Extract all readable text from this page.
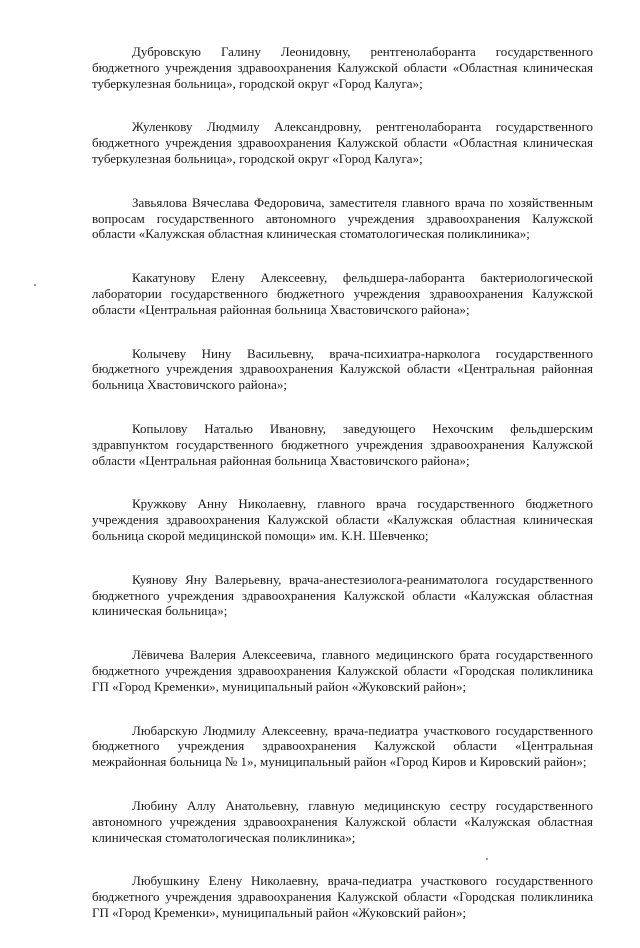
Дубровскую Галину Леонидовну, рентгенолаборанта государственного бюджетного учреждения здравоохранения Калужской области «Областная клиническая туберкулезная больница», городской округ «Город Калуга»;

Жуленкову Людмилу Александровну, рентгенолаборанта государственного бюджетного учреждения здравоохранения Калужской области «Областная клиническая туберкулезная больница», городской округ «Город Калуга»;

Завьялова Вячеслава Федоровича, заместителя главного врача по хозяйственным вопросам государственного автономного учреждения здравоохранения Калужской области «Калужская областная клиническая стоматологическая поликлиника»;

Какатунову Елену Алексеевну, фельдшера-лаборанта бактериологической лаборатории государственного бюджетного учреждения здравоохранения Калужской области «Центральная районная больница Хвастовичского района»;

Колычеву Нину Васильевну, врача-психиатра-нарколога государственного бюджетного учреждения здравоохранения Калужской области «Центральная районная больница Хвастовичского района»;

Копылову Наталью Ивановну, заведующего Нехочским фельдшерским здравпунктом государственного бюджетного учреждения здравоохранения Калужской области «Центральная районная больница Хвастовичского района»;

Кружкову Анну Николаевну, главного врача государственного бюджетного учреждения здравоохранения Калужской области «Калужская областная клиническая больница скорой медицинской помощи» им. К.Н. Шевченко;

Куянову Яну Валерьевну, врача-анестезиолога-реаниматолога государственного бюджетного учреждения здравоохранения Калужской области «Калужская областная клиническая больница»;

Лёвичева Валерия Алексеевича, главного медицинского брата государственного бюджетного учреждения здравоохранения Калужской области «Городская поликлиника ГП «Город Кременки», муниципальный район «Жуковский район»;

Любарскую Людмилу Алексеевну, врача-педиатра участкового государственного бюджетного учреждения здравоохранения Калужской области «Центральная межрайонная больница № 1», муниципальный район «Город Киров и Кировский район»;

Любину Аллу Анатольевну, главную медицинскую сестру государственного автономного учреждения здравоохранения Калужской области «Калужская областная клиническая стоматологическая поликлиника»;

Любушкину Елену Николаевну, врача-педиатра участкового государственного бюджетного учреждения здравоохранения Калужской области «Городская поликлиника ГП «Город Кременки», муниципальный район «Жуковский район»;
